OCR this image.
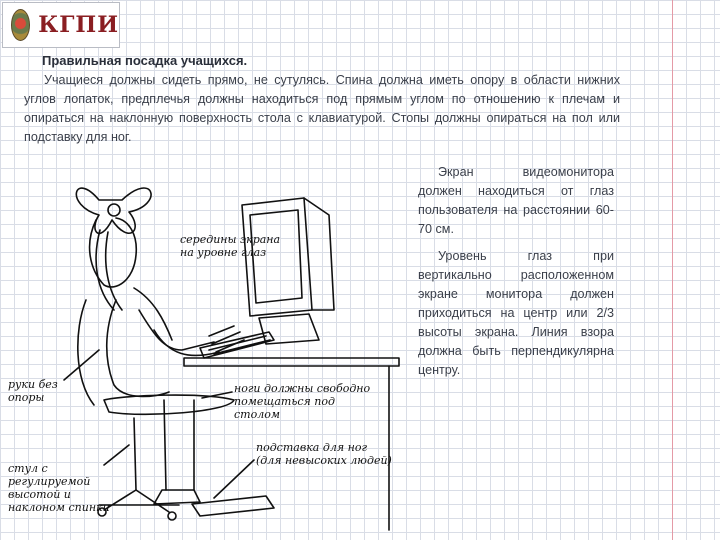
КГПИ
Правильная посадка учащихся.

Учащиеся должны сидеть прямо, не сутулясь. Спина должна иметь опору в области нижних углов лопаток, предплечья должны находиться под прямым углом по отношению к плечам и опираться на наклонную поверхность стола с клавиатурой. Стопы должны опираться на пол или подставку для ног.

Экран видеомонитора должен находиться от глаз пользователя на расстоянии 60-70 см.

Уровень глаз при вертикально расположенном экране монитора должен приходиться на центр или 2/3 высоты экрана. Линия взора должна быть перпендикулярна центру.

середины экрана на уровне глаз
руки без опоры
ноги должны свободно помещаться под столом
подставка для ног (для невысоких людей)
стул с регулируемой высотой и наклоном спинки
